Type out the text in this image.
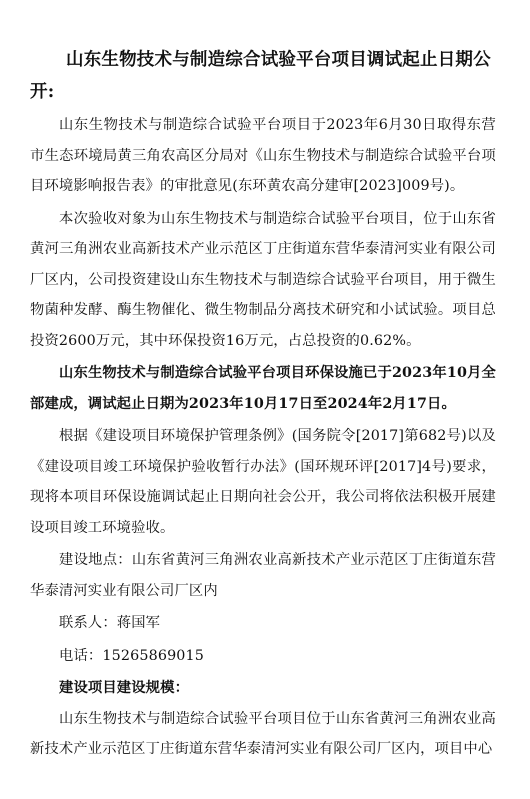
山东生物技术与制造综合试验平台项目调试起止日期公开:

山东生物技术与制造综合试验平台项目于2023年6月30日取得东营市生态环境局黄三角农高区分局对《山东生物技术与制造综合试验平台项目环境影响报告表》的审批意见(东环黄农高分建审[2023]009号)。

本次验收对象为山东生物技术与制造综合试验平台项目，位于山东省黄河三角洲农业高新技术产业示范区丁庄街道东营华泰清河实业有限公司厂区内，公司投资建设山东生物技术与制造综合试验平台项目，用于微生物菌种发酵、酶生物催化、微生物制品分离技术研究和小试试验。项目总投资2600万元，其中环保投资16万元，占总投资的0.62%。

山东生物技术与制造综合试验平台项目环保设施已于2023年10月全部建成，调试起止日期为2023年10月17日至2024年2月17日。

根据《建设项目环境保护管理条例》(国务院令[2017]第682号)以及《建设项目竣工环境保护验收暂行办法》(国环规环评[2017]4号)要求，现将本项目环保设施调试起止日期向社会公开，我公司将依法积极开展建设项目竣工环境验收。

建设地点：山东省黄河三角洲农业高新技术产业示范区丁庄街道东营华泰清河实业有限公司厂区内

联系人：蒋国军

电话：15265869015

建设项目建设规模：

山东生物技术与制造综合试验平台项目位于山东省黄河三角洲农业高新技术产业示范区丁庄街道东营华泰清河实业有限公司厂区内，项目中心
